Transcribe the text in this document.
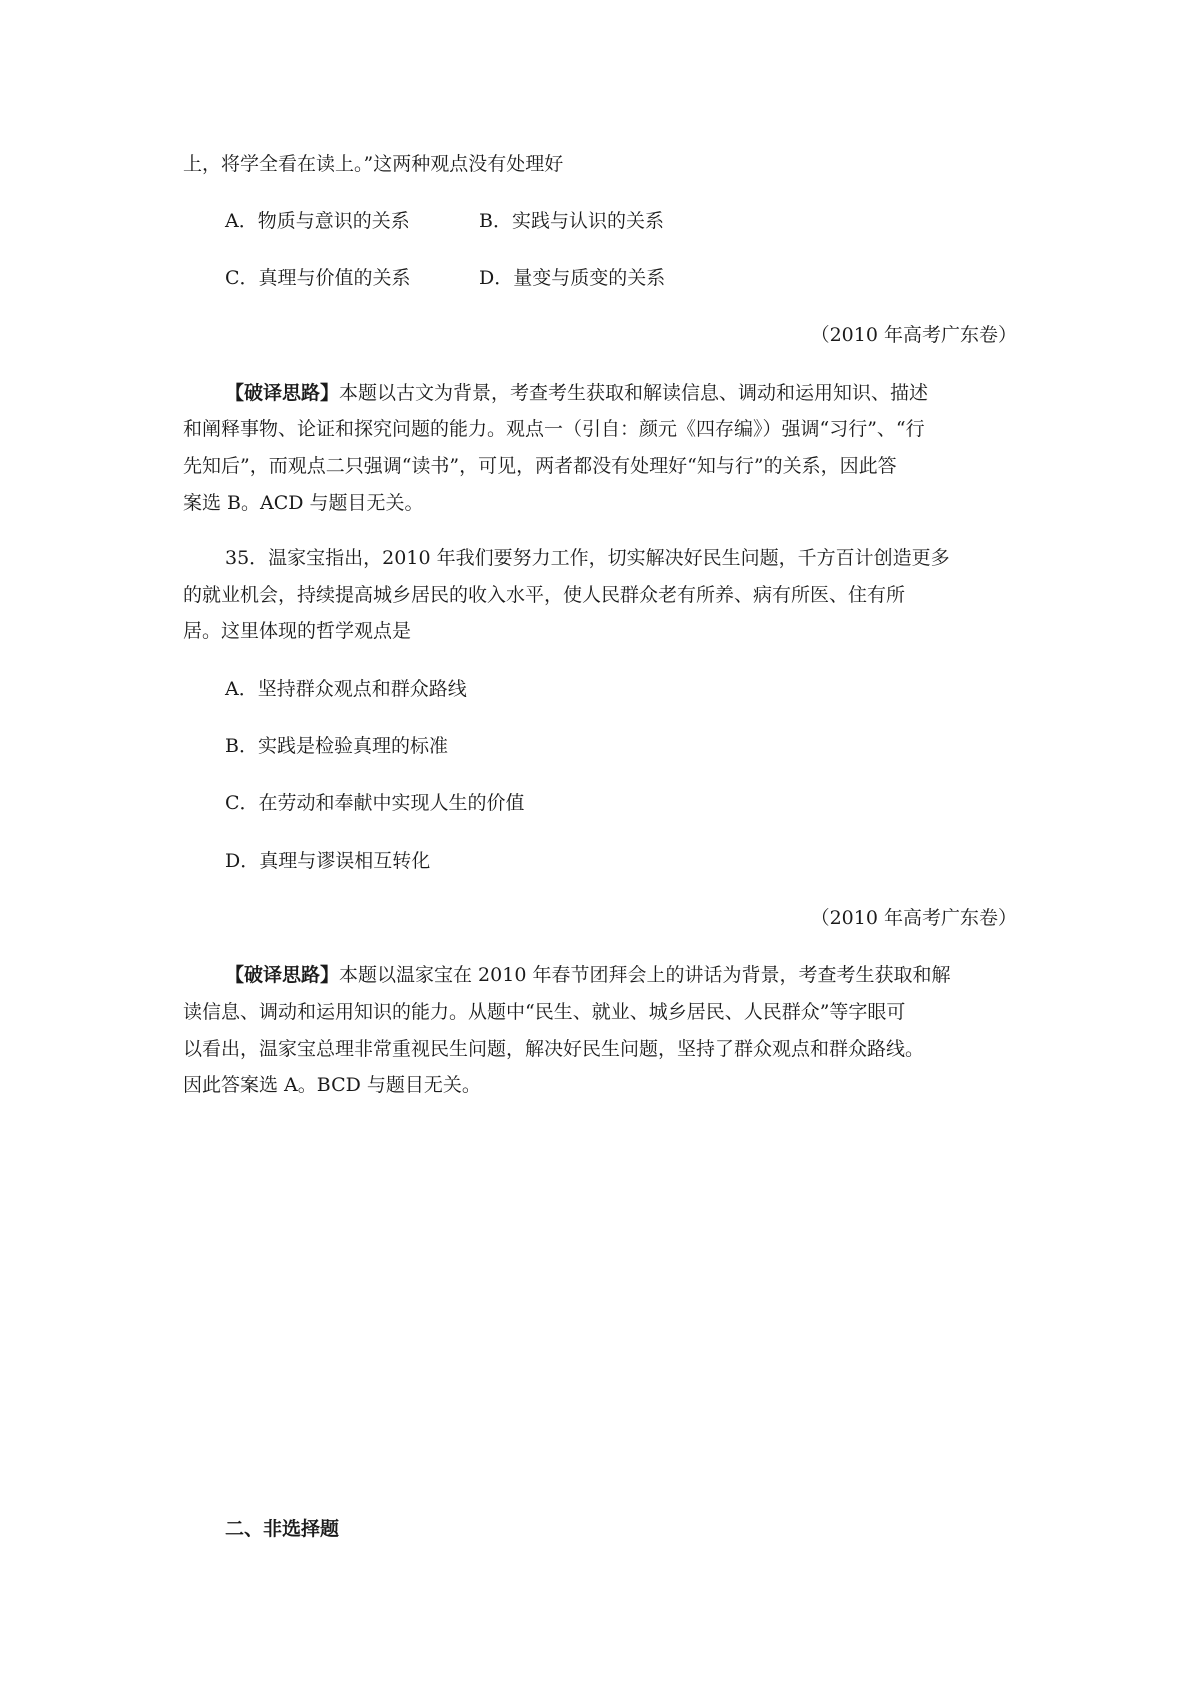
上，将学全看在读上。”这两种观点没有处理好
A．物质与意识的关系	B．实践与认识的关系
C．真理与价值的关系	D．量变与质变的关系
（2010 年高考广东卷）
【破译思路】本题以古文为背景，考查考生获取和解读信息、调动和运用知识、描述
和阐释事物、论证和探究问题的能力。观点一（引自：颜元《四存编》）强调“习行”、“行
先知后”，而观点二只强调“读书”，可见，两者都没有处理好“知与行”的关系，因此答
案选 B。ACD 与题目无关。
35．温家宝指出，2010 年我们要努力工作，切实解决好民生问题，千方百计创造更多
的就业机会，持续提高城乡居民的收入水平，使人民群众老有所养、病有所医、住有所
居。这里体现的哲学观点是
A．坚持群众观点和群众路线
B．实践是检验真理的标准
C．在劳动和奉献中实现人生的价值
D．真理与谬误相互转化
（2010 年高考广东卷）
【破译思路】本题以温家宝在 2010 年春节团拜会上的讲话为背景，考查考生获取和解
读信息、调动和运用知识的能力。从题中“民生、就业、城乡居民、人民群众”等字眼可
以看出，温家宝总理非常重视民生问题，解决好民生问题，坚持了群众观点和群众路线。
因此答案选 A。BCD 与题目无关。
二、非选择题
